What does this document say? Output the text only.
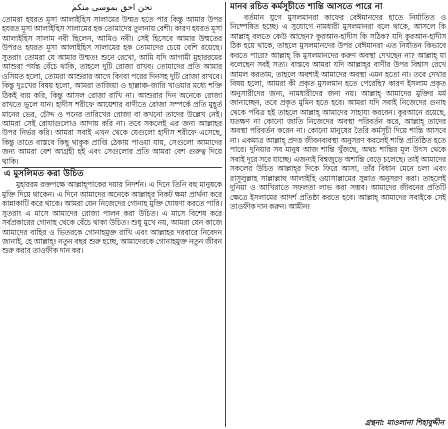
نحن احق بموسى منكم

তোমরা হযরত মূসা আলাইহিস সালামের উম্মত হতে পার কিন্তু আমার উপর হযরত মূসা আলাইহিস সালামের হক তোমাদের তুলনায় বেশী। কারণ হযরত মূসা আলাইহিস সালাম নবী ছিলেন, আমিও নবী। সেই হিসেবে আমার উম্মতের উপরও হযরত মূসা আলাইহিস সালামের হক তোমাদের চেয়ে বেশি রয়েছে। সুতরাং তোমরা যে আমার উম্মত! শুনে রেখো, আমি যদি আগামী মুহাররমের আশুরা পর্যন্ত বেঁচে থাকি, তাহলে দুটি রোজা রাখব। তোমাদের প্রতি আমার ওসিয়ত হলো, তোমরা আশুরার আগে কিংবা পরের দিনসহ দুটি রোজা রাখবে। কিন্তু দুঃখের বিষয় হলো, আমরা তাজিয়া ও হাল্লাঞ্চ-জারি খাওয়ার মধ্যে শক্তি ঠিকই ব্যয় করি, কিন্তু আসল রোজা রাখি না। আশুরার দিন অনেকে রোজা রাখতে ভুলে যান। হাদীস শরীফে আয়েশার বাণীতে রোজা সম্পর্কে প্রতি মুহূর্ত মানের ভের, চৌদ্দ ও পনের তারিখের রোজা বা কখনো তাদের উল্লেখ নেই। আমরা সেই রোযাগুলোও আদায় করি না। তবে সকলেই এর জন্য আল্লাহর উপর নির্ভর করি। আমরা সবাই এখন থেকে যেগুলো হাদীস শরীফে এসেছে, কিন্তু তাতে বাস্তবে কিছু থাকুক প্রাপ্তি ঠেকায় পাওয়া যায়, সেগুলো আমাদের জন্য আমরা বেশ আগ্রহী হই এবং সেগুলোর প্রতি আমরা বেশ গুরুত্ব দিয়ে থাকি।

এ মুসলিমত করা উচিত

মুহাররম রক্তপক্ষে আল্লাহ্‌পাকের দয়ার নিদর্শন। এ দিনে তিনি বহু মানুষকে মুক্তি দিয়ে থাকেন। এ দিনে আমাদের অনেকে আল্লাহ্‌র নিকট ক্ষমা প্রার্থনা করে কান্নাকাটি করে থাকে। আমরা যেন নিজেদের গোনাহ মুক্তি ঘোষণা করতে পারি। সুতরাং এ মাসে আমাদের রোজা পালন করা উচিত। এ মাসে বিশেষ করে সর্বপ্রকারের গোনাহ থেকে বেঁচে থাকা উচিত। শুধু মুখে নয়, আমরা যেন কাজে আমাদের বাহির ও ভিতরকে গোনাহমুক্ত রাখি এবং আল্লাহর দরবারে নিবেদন জানাই, হে আল্লাহ্‌! নতুন বছর শুরু হচ্ছে, আমাদেরকে গোনাহমুক্ত নতুন জীবন শুরু করার তাওফীক দান কর।

মানব রচিত কর্মসূচীতে শান্তি আসতে পারে না

বর্তমান যুগে মুসলমানরা কাফের বেঈমানদের হাতে নির্যাতিত ও নিষ্পেষিত হচ্ছে। এ সুযোগে নামধারী মুসলমানরা বলে থাকে, আসলে কি আল্লাহ্‌ বলতে কেউ আছেন? কুরআন-হাদীস কি সঠিক? যদি কুরআন-হাদীস ঠিক হয়ে থাকে, তাহলে মুসলমানদের উপর বেঈমানরা এত নির্যাতন কিভাবে করতে পারে? আল্লাহ্‌ কি মুসলমানদের করুণ অবস্থা দেখছেন না? আল্লাহ্‌ যা বলেছেন সবই সত্য। বাস্তবে আমরা যদি আল্লাহ্‌র বাণীর উপর বিশ্বাস রেখে আমল করতাম, তাহলে অবশ্যই আমাদের অবস্থা এমন হতো না। তবে দেখার বিষয় হলো, আমরা কী প্রকৃত মুসলমান হতে পেরেছি? কারণ ইসলাম প্রকৃত অনুসারীদের জন্য, নামধারীদের জন্য নয়। আল্লাহ্‌ আমাদের মুক্তির মর্ম জানাচ্ছেন, তবে প্রকৃত মুমিন হতে হবে। আমরা যদি সবাই নিজেদের গুনাহ থেকে পবিত্র হই তাহলে আল্লাহ্‌ আমাদের সাহায্য করবেন। কুরআনে রয়েছে, যতক্ষণ না কোনো জাতি নিজেদের অবস্থা পরিবর্তন করে, আল্লাহ্‌ তাদের অবস্থা পরিবর্তন করেন না। কোনো মানুষের তৈরি কর্মসূচী দিয়ে শান্তি আসবে না। একমাত্র আল্লাহ্‌ প্রদত্ত জীবনব্যবস্থা অনুসরণ করলেই শান্তি প্রতিষ্ঠিত হতে পারে। দুনিয়ার সব মানুষ আজ শান্তি খুঁজছে, অথচ শান্তির মূল উৎস থেকে সবাই দূরে সরে যাচ্ছে। এজন্যই বিশ্বজুড়ে অশান্তি বেড়ে চলেছে। তাই আমাদের সকলের উচিত আল্লাহ্‌র দিকে ফিরে আসা, তাঁর বিধান মেনে চলা এবং রাসূলুল্লাহ সাল্লাল্লাহু আলাইহি ওয়াসাল্লামের সুন্নাত অনুসরণ করা। তাহলেই দুনিয়া ও আখিরাতে সফলতা লাভ করা সম্ভব। আমাদের জীবনের প্রতিটি ক্ষেত্রে ইসলামের আদর্শ প্রতিষ্ঠা করতে হবে। আল্লাহ্‌ আমাদের সবাইকে সেই তাওফীক দান করুন। আমীন!

গ্রন্থনা: মাওলানা শিহাবুদ্দীন
